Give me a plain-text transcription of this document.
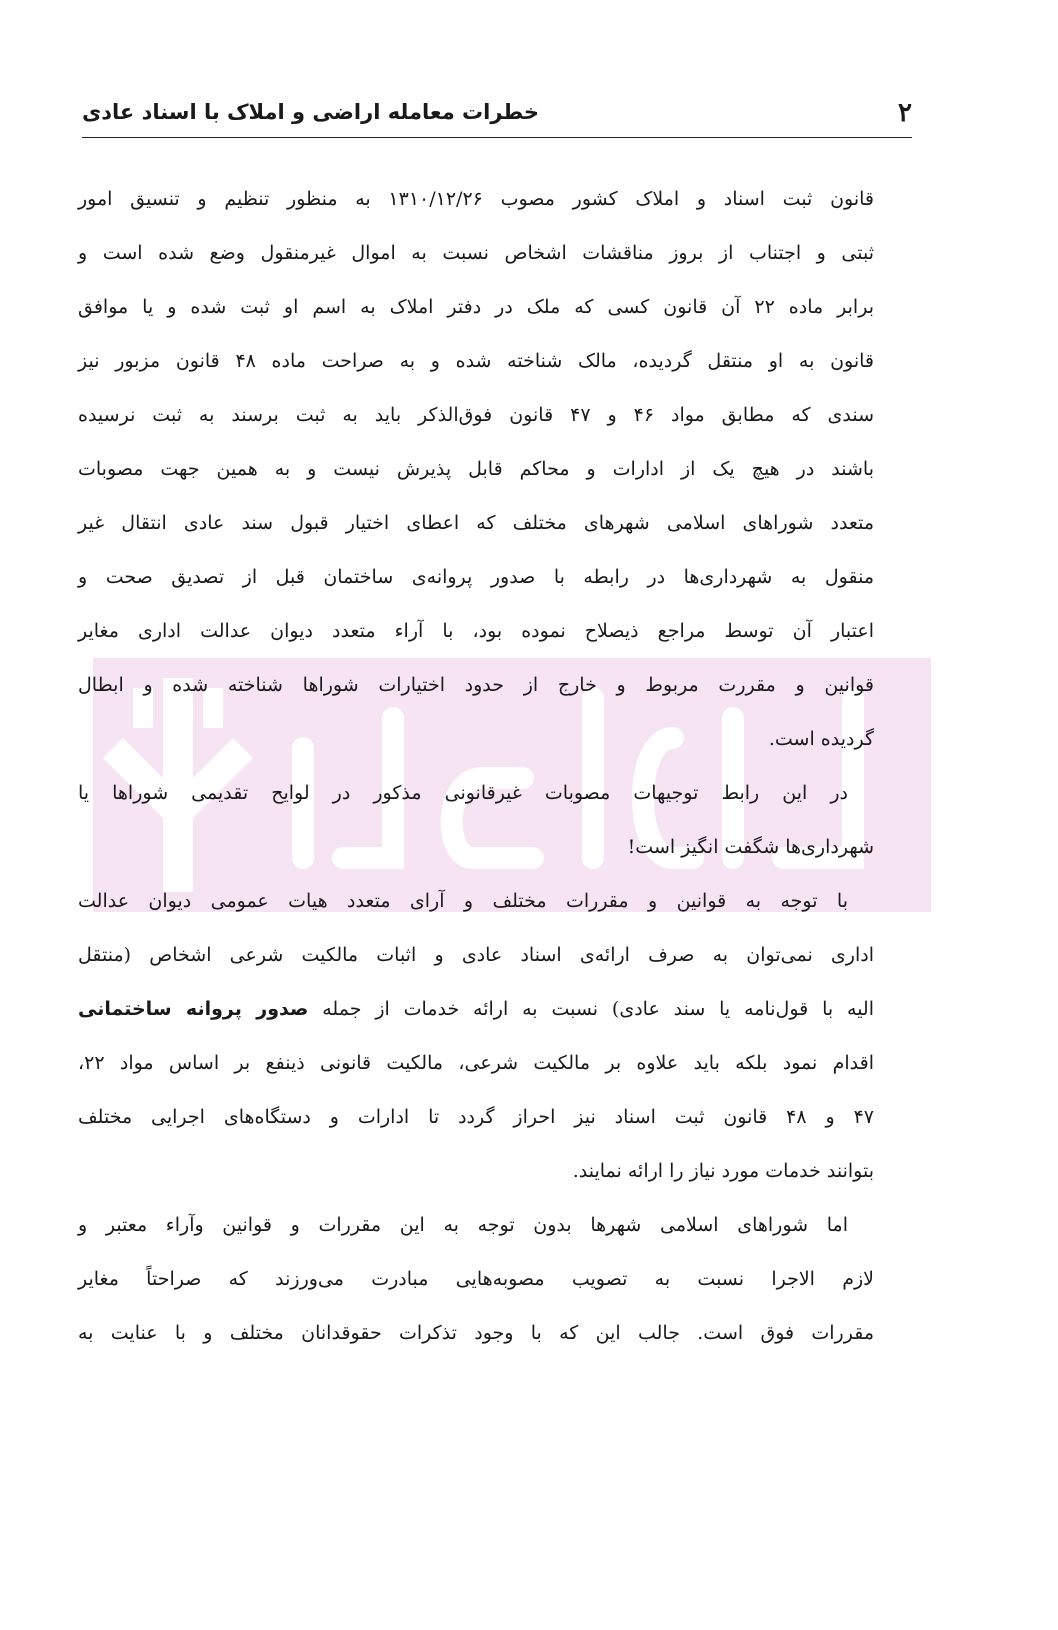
۲
خطرات معامله اراضی و املاک با اسناد عادی
قانون ثبت اسناد و املاک کشور مصوب ۱۳۱۰/۱۲/۲۶ به منظور تنظیم و تنسیق امور
ثبتی و اجتناب از بروز مناقشات اشخاص نسبت به اموال غیرمنقول وضع شده است و
برابر ماده ۲۲ آن قانون کسی که ملک در دفتر املاک به اسم او ثبت شده و یا موافق
قانون به او منتقل گردیده، مالک شناخته شده و به صراحت ماده ۴۸ قانون مزبور نیز
سندی که مطابق مواد ۴۶ و ۴۷ قانون فوق‌الذکر باید به ثبت برسند به ثبت نرسیده
باشند در هیچ یک از ادارات و محاکم قابل پذیرش نیست و به همین جهت مصوبات
متعدد شوراهای اسلامی شهرهای مختلف که اعطای اختیار قبول سند عادی انتقال غیر
منقول به شهرداری‌ها در رابطه با صدور پروانه‌ی ساختمان قبل از تصدیق صحت و
اعتبار آن توسط مراجع ذیصلاح نموده بود، با آراء متعدد دیوان عدالت اداری مغایر
قوانین و مقررت مربوط و خارج از حدود اختیارات شوراها شناخته شده و ابطال
گردیده است.
در این رابط توجیهات مصوبات غیرقانونی مذکور در لوایح تقدیمی شوراها یا
شهرداری‌ها شگفت انگیز است!
با توجه به قوانین و مقررات مختلف و آرای متعدد هیات عمومی دیوان عدالت
اداری نمی‌توان به صرف ارائه‌ی اسناد عادی و اثبات مالکیت شرعی اشخاص (منتقل
الیه با قول‌نامه یا سند عادی) نسبت به ارائه خدمات از جمله صدور پروانه ساختمانی
اقدام نمود بلکه باید علاوه بر مالکیت شرعی، مالکیت قانونی ذینفع بر اساس مواد ۲۲،
۴۷ و ۴۸ قانون ثبت اسناد نیز احراز گردد تا ادارات و دستگاه‌های اجرایی مختلف
بتوانند خدمات مورد نیاز را ارائه نمایند.
اما شوراهای اسلامی شهرها بدون توجه به این مقررات و قوانین وآراء معتبر و
لازم الاجرا نسبت به تصویب مصوبه‌هایی مبادرت می‌ورزند که صراحتاً مغایر
مقررات فوق است. جالب این که با وجود تذکرات حقوقدانان مختلف و با عنایت به
